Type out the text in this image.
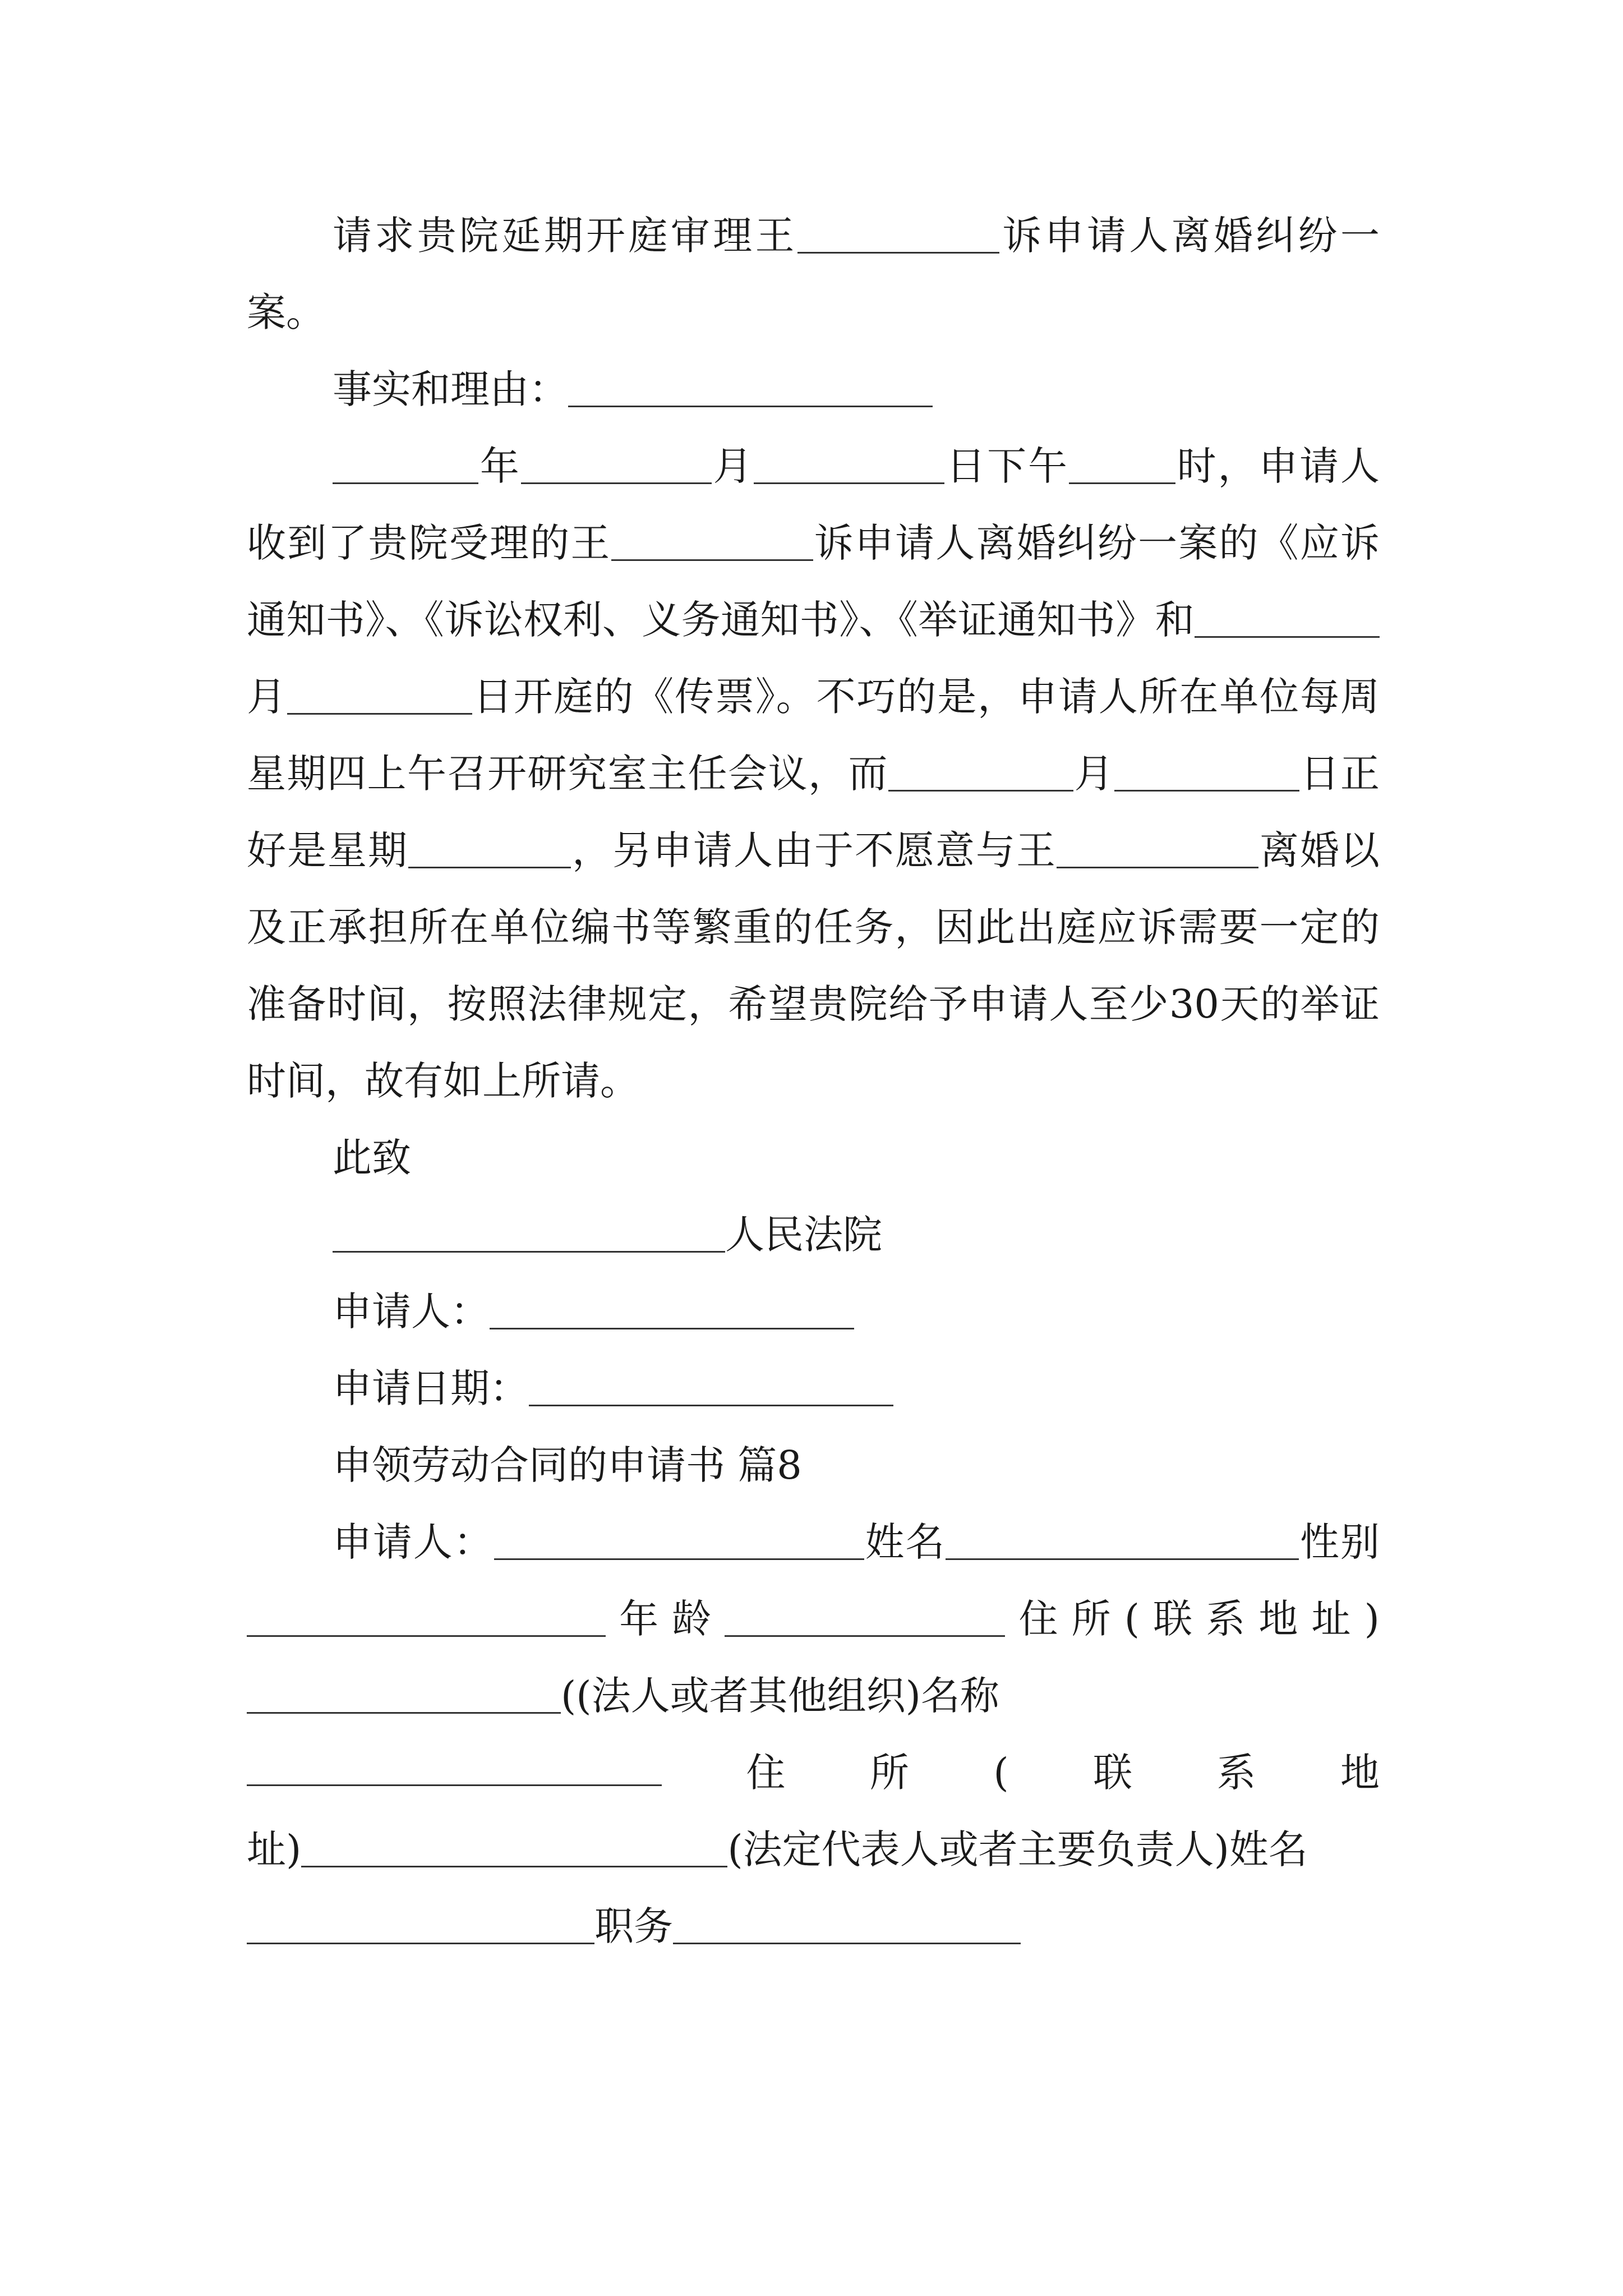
请求贵院延期开庭审理王	诉申请人离婚纠纷一案。

事实和理由：

年	月	日下午	时，申请人收到了贵院受理的王	诉申请人离婚纠纷一案的《应诉通知书》、《诉讼权利、义务通知书》、《举证通知书》和月	日开庭的《传票》。不巧的是，申请人所在单位每周星期四上午召开研究室主任会议，而	月	日正好是星期	，另申请人由于不愿意与王	离婚以及正承担所在单位编书等繁重的任务，因此出庭应诉需要一定的准备时间，按照法律规定，希望贵院给予申请人至少30天的举证时间，故有如上所请。

此致

人民法院

申请人：

申请日期：

申领劳动合同的申请书 篇8

申请人：	姓名	性别年龄	住所(联系地址)((法人或者其他组织)名称

住 所 ( 联 系 地

址)	(法定代表人或者主要负责人)姓名

职务
